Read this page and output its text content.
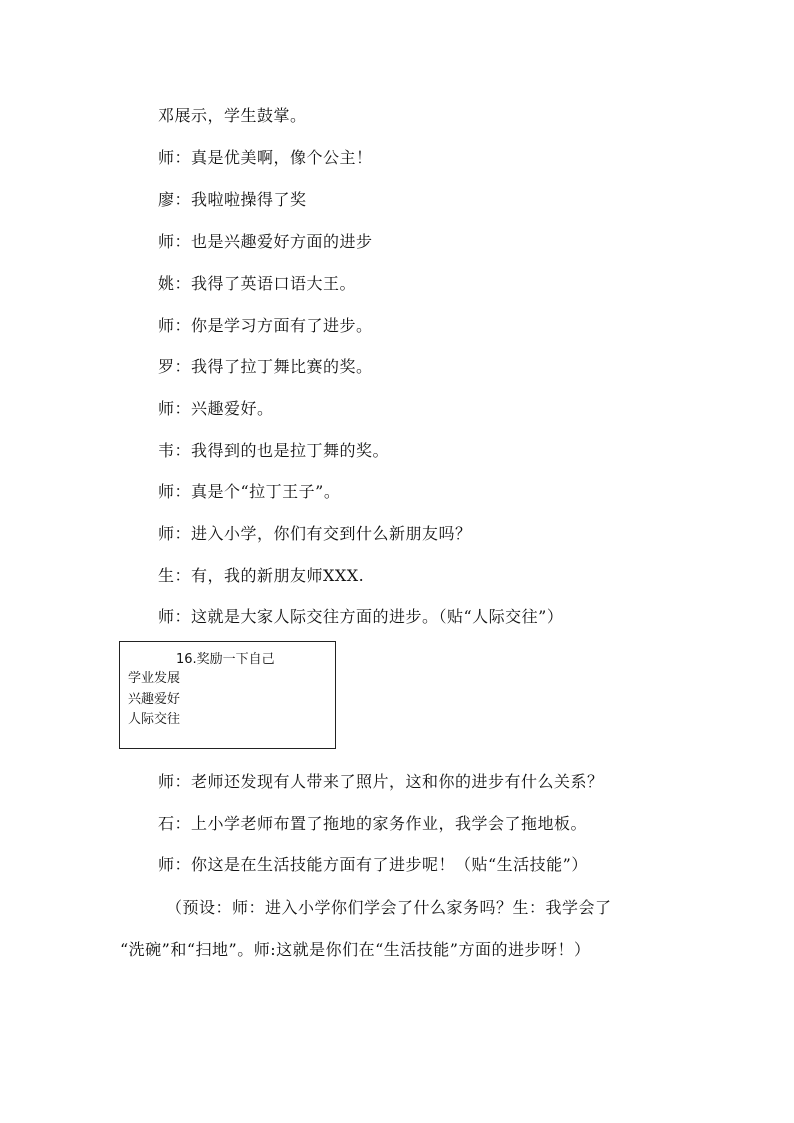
邓展示，学生鼓掌。
师：真是优美啊，像个公主！
廖：我啦啦操得了奖
师：也是兴趣爱好方面的进步
姚：我得了英语口语大王。
师：你是学习方面有了进步。
罗：我得了拉丁舞比赛的奖。
师：兴趣爱好。
韦：我得到的也是拉丁舞的奖。
师：真是个“拉丁王子”。
师：进入小学，你们有交到什么新朋友吗？
生：有，我的新朋友师XXX.
师：这就是大家人际交往方面的进步。（贴“人际交往”）
16.奖励一下自己
学业发展
兴趣爱好
人际交往
师：老师还发现有人带来了照片，这和你的进步有什么关系？
石：上小学老师布置了拖地的家务作业，我学会了拖地板。
师：你这是在生活技能方面有了进步呢！（贴“生活技能”）
（预设：师：进入小学你们学会了什么家务吗？生：我学会了
“洗碗”和“扫地”。师:这就是你们在“生活技能”方面的进步呀！）
